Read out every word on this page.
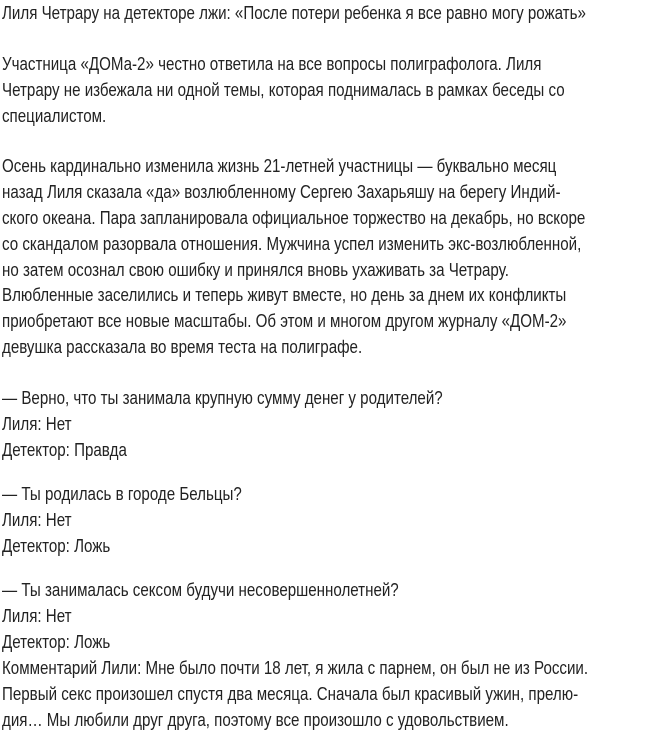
Лиля Четрару на детекторе лжи: «После потери ребенка я все равно могу рожать»
Участница «ДОМа-2» честно ответила на все вопросы полиграфолога. Лиля
Четрару не избежала ни одной темы, которая поднималась в рамках беседы со
специалистом.
Осень кардинально изменила жизнь 21-летней участницы — буквально месяц
назад Лиля сказала «да» возлюбленному Сергею Захарьяшу на берегу Индий-
ского океана. Пара запланировала официальное торжество на декабрь, но вскоре
со скандалом разорвала отношения. Мужчина успел изменить экс-возлюбленной,
но затем осознал свою ошибку и принялся вновь ухаживать за Четрару.
Влюбленные заселились и теперь живут вместе, но день за днем их конфликты
приобретают все новые масштабы. Об этом и многом другом журналу «ДОМ-2»
девушка рассказала во время теста на полиграфе.
— Верно, что ты занимала крупную сумму денег у родителей?
Лиля: Нет
Детектор: Правда
— Ты родилась в городе Бельцы?
Лиля: Нет
Детектор: Ложь
— Ты занималась сексом будучи несовершеннолетней?
Лиля: Нет
Детектор: Ложь
Комментарий Лили: Мне было почти 18 лет, я жила с парнем, он был не из России.
Первый секс произошел спустя два месяца. Сначала был красивый ужин, прелю-
дия… Мы любили друг друга, поэтому все произошло с удовольствием.
